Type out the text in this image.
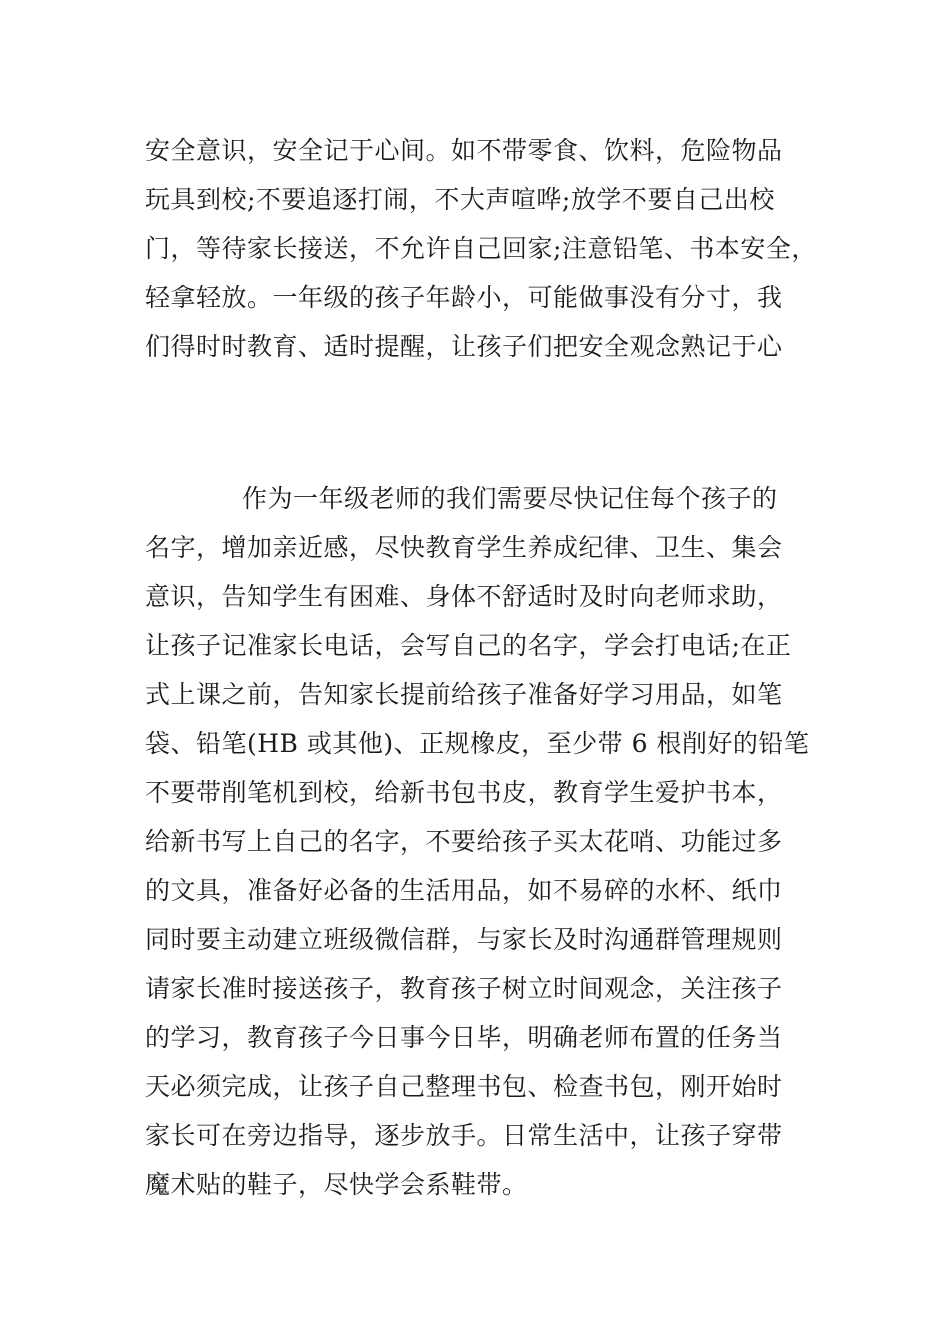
安全意识，安全记于心间。如不带零食、饮料，危险物品
玩具到校;不要追逐打闹，不大声喧哗;放学不要自己出校
门，等待家长接送，不允许自己回家;注意铅笔、书本安全，
轻拿轻放。一年级的孩子年龄小，可能做事没有分寸，我
们得时时教育、适时提醒，让孩子们把安全观念熟记于心
作为一年级老师的我们需要尽快记住每个孩子的
名字，增加亲近感，尽快教育学生养成纪律、卫生、集会
意识，告知学生有困难、身体不舒适时及时向老师求助，
让孩子记准家长电话，会写自己的名字，学会打电话;在正
式上课之前，告知家长提前给孩子准备好学习用品，如笔
袋、铅笔(HB 或其他)、正规橡皮，至少带 6 根削好的铅笔
不要带削笔机到校，给新书包书皮，教育学生爱护书本，
给新书写上自己的名字，不要给孩子买太花哨、功能过多
的文具，准备好必备的生活用品，如不易碎的水杯、纸巾
同时要主动建立班级微信群，与家长及时沟通群管理规则
请家长准时接送孩子，教育孩子树立时间观念，关注孩子
的学习，教育孩子今日事今日毕，明确老师布置的任务当
天必须完成，让孩子自己整理书包、检查书包，刚开始时
家长可在旁边指导，逐步放手。日常生活中，让孩子穿带
魔术贴的鞋子，尽快学会系鞋带。
